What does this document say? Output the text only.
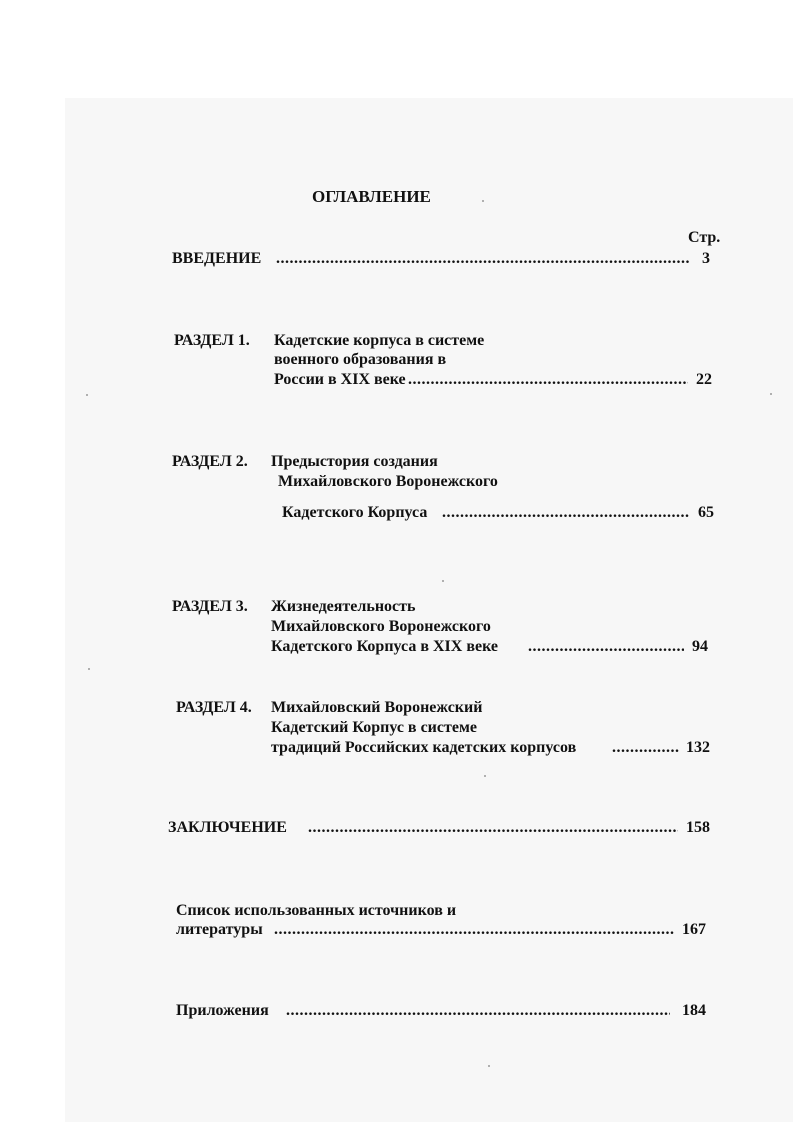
ОГЛАВЛЕНИЕ
Стр.
ВВЕДЕНИЕ .....	3
РАЗДЕЛ 1. Кадетские корпуса в системе
военного образования в
России в XIX веке .....	22
РАЗДЕЛ 2. Предыстория создания
Михайловского Воронежского
Кадетского Корпуса .....	65
РАЗДЕЛ 3. Жизнедеятельность
Михайловского Воронежского
Кадетского Корпуса в XIX веке .....	94
РАЗДЕЛ 4. Михайловский Воронежский
Кадетский Корпус в системе
традиций Российских кадетских корпусов .....	132
ЗАКЛЮЧЕНИЕ .....	158
Список использованных источников и
литературы .....	167
Приложения .....	184
